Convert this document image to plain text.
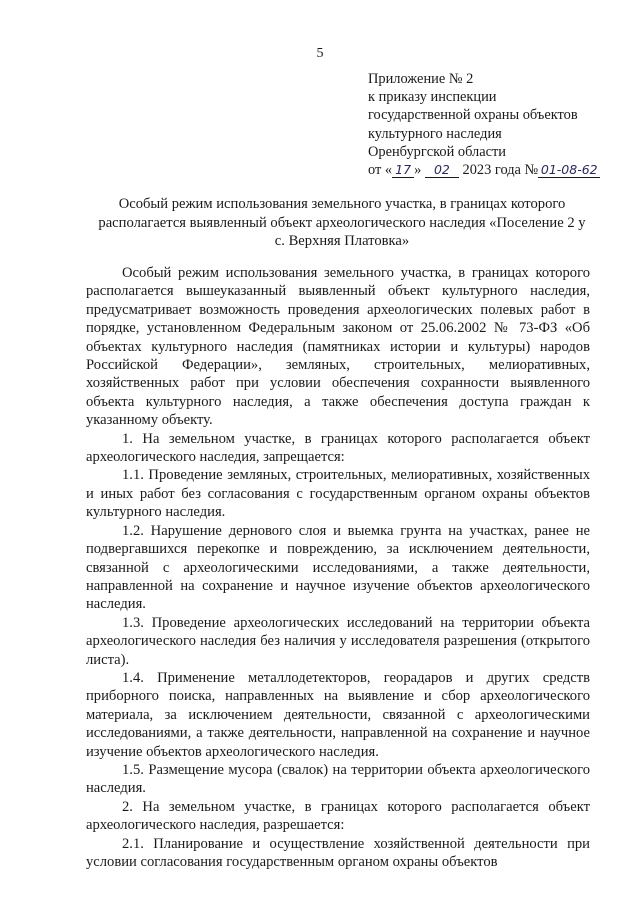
5
Приложение № 2
к приказу инспекции
государственной охраны объектов
культурного наследия
Оренбургской области
от « 17 » 02 2023 года № 01-08-62
Особый режим использования земельного участка, в границах которого располагается выявленный объект археологического наследия «Поселение 2 у с. Верхняя Платовка»

Особый режим использования земельного участка, в границах которого располагается вышеуказанный выявленный объект культурного наследия, предусматривает возможность проведения археологических полевых работ в порядке, установленном Федеральным законом от 25.06.2002 № 73-ФЗ «Об объектах культурного наследия (памятниках истории и культуры) народов Российской Федерации», земляных, строительных, мелиоративных, хозяйственных работ при условии обеспечения сохранности выявленного объекта культурного наследия, а также обеспечения доступа граждан к указанному объекту.

1. На земельном участке, в границах которого располагается объект археологического наследия, запрещается:

1.1. Проведение земляных, строительных, мелиоративных, хозяйственных и иных работ без согласования с государственным органом охраны объектов культурного наследия.

1.2. Нарушение дернового слоя и выемка грунта на участках, ранее не подвергавшихся перекопке и повреждению, за исключением деятельности, связанной с археологическими исследованиями, а также деятельности, направленной на сохранение и научное изучение объектов археологического наследия.

1.3. Проведение археологических исследований на территории объекта археологического наследия без наличия у исследователя разрешения (открытого листа).

1.4. Применение металлодетекторов, георадаров и других средств приборного поиска, направленных на выявление и сбор археологического материала, за исключением деятельности, связанной с археологическими исследованиями, а также деятельности, направленной на сохранение и научное изучение объектов археологического наследия.

1.5. Размещение мусора (свалок) на территории объекта археологического наследия.

2. На земельном участке, в границах которого располагается объект археологического наследия, разрешается:

2.1. Планирование и осуществление хозяйственной деятельности при условии согласования государственным органом охраны объектов
